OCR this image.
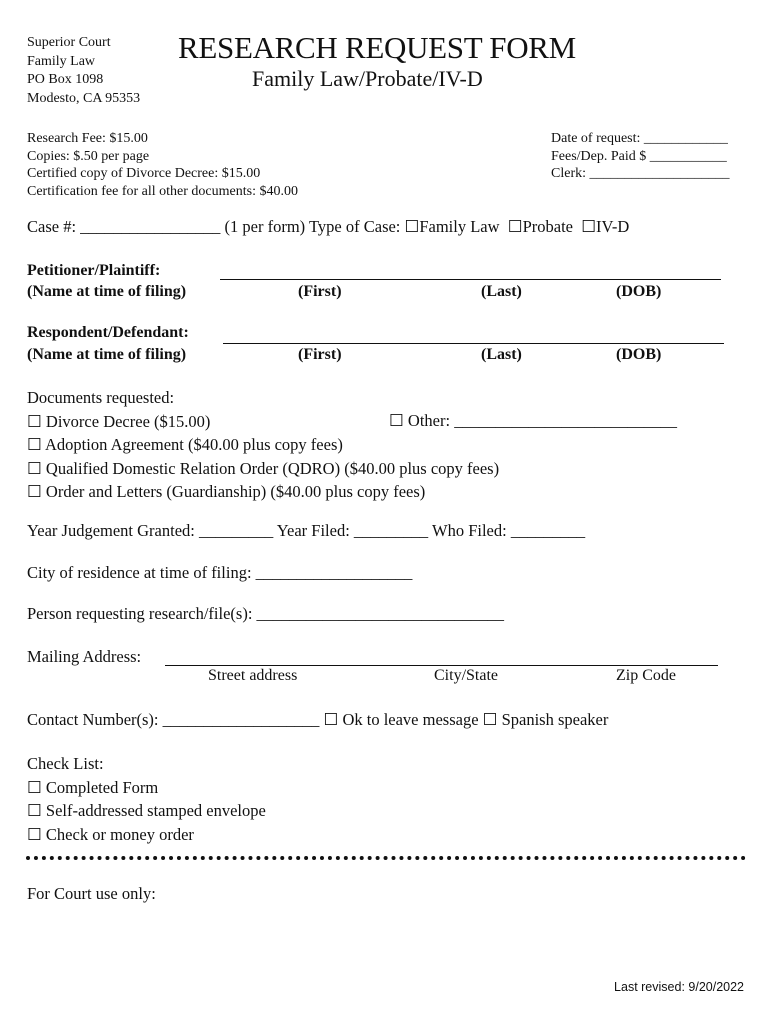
Superior Court
Family Law
PO Box 1098
Modesto, CA 95353
RESEARCH REQUEST FORM
Family Law/Probate/IV-D
Research Fee: $15.00
Copies: $.50 per page
Certified copy of Divorce Decree: $15.00
Certification fee for all other documents: $40.00
Date of request: ____________
Fees/Dep. Paid $ ___________
Clerk: ____________________
Case #: _________________ (1 per form) Type of Case: ☐Family Law ☐Probate ☐IV-D
Petitioner/Plaintiff:
(Name at time of filing)	(First)	(Last)	(DOB)
Respondent/Defendant:
(Name at time of filing)	(First)	(Last)	(DOB)
Documents requested:
☐ Divorce Decree ($15.00)
☐ Adoption Agreement ($40.00 plus copy fees)
☐ Qualified Domestic Relation Order (QDRO) ($40.00 plus copy fees)
☐ Order and Letters (Guardianship) ($40.00 plus copy fees)
☐ Other: ___________________________
Year Judgement Granted: _________ Year Filed: _________ Who Filed: _________
City of residence at time of filing: ___________________
Person requesting research/file(s): ______________________________
Mailing Address:
Street address	City/State	Zip Code
Contact Number(s): ___________________ ☐ Ok to leave message ☐ Spanish speaker
Check List:
☐ Completed Form
☐ Self-addressed stamped envelope
☐ Check or money order
For Court use only:
Last revised: 9/20/2022
